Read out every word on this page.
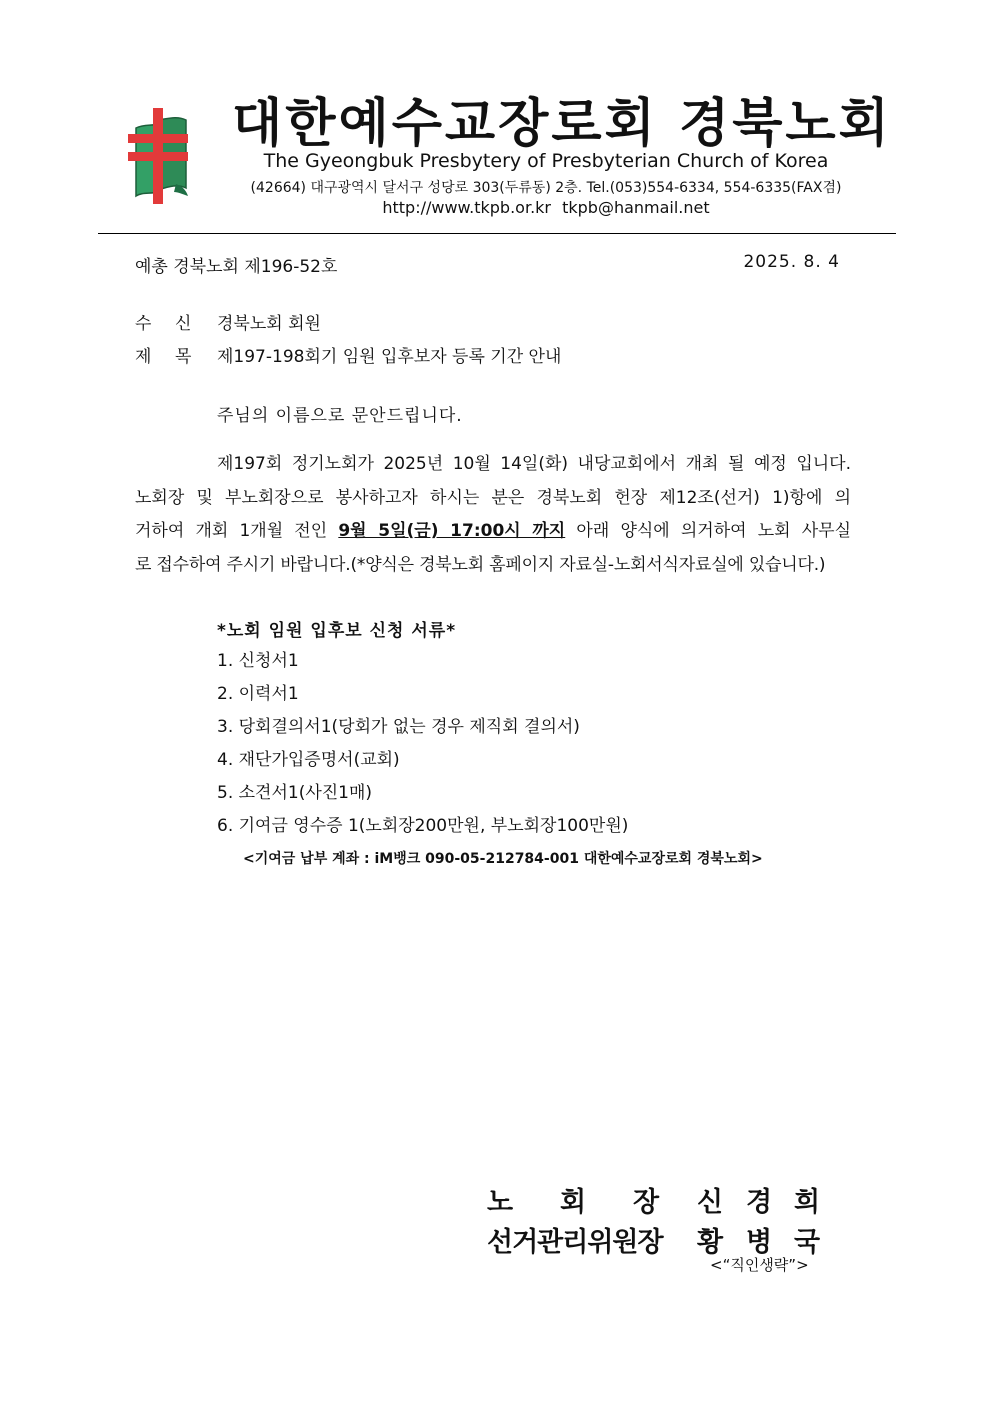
대한예수교장로회 경북노회
The Gyeongbuk Presbytery of Presbyterian Church of Korea
(42664) 대구광역시 달서구 성당로 303(두류동) 2층. Tel.(053)554-6334, 554-6335(FAX겸)
http://www.tkpb.or.kr tkpb@hanmail.net
예총 경북노회 제196-52호	2025. 8. 4
수 신	경북노회 회원
제 목	제197-198회기 임원 입후보자 등록 기간 안내
주님의 이름으로 문안드립니다.
제197회 정기노회가 2025년 10월 14일(화) 내당교회에서 개최 될 예정 입니다.
노회장 및 부노회장으로 봉사하고자 하시는 분은 경북노회 헌장 제12조(선거) 1)항에 의
거하여 개회 1개월 전인 9월 5일(금) 17:00시 까지 아래 양식에 의거하여 노회 사무실
로 접수하여 주시기 바랍니다.(*양식은 경북노회 홈페이지 자료실-노회서식자료실에 있습니다.)
*노회 임원 입후보 신청 서류*
1. 신청서1
2. 이력서1
3. 당회결의서1(당회가 없는 경우 제직회 결의서)
4. 재단가입증명서(교회)
5. 소견서1(사진1매)
6. 기여금 영수증 1(노회장200만원, 부노회장100만원)
<기여금 납부 계좌 : iM뱅크 090-05-212784-001 대한예수교장로회 경북노회>
노 회 장 신 경 희
선거관리위원장 황 병 국
<“직인생략”>
